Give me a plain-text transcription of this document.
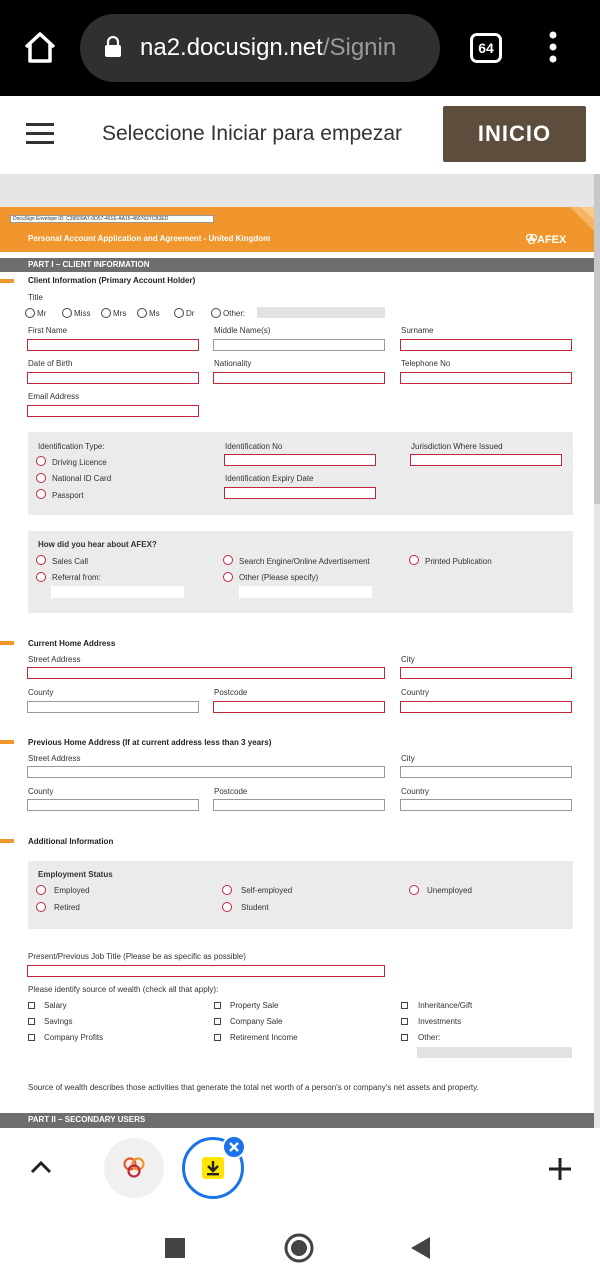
na2.docusign.net/Signin	64
Seleccione Iniciar para empezar	INICIO
DocuSign Envelope ID: C39509A7-0D57-491E-AA16-4807627CB3ED
Personal Account Application and Agreement - United Kingdom	AFEX
PART I – CLIENT INFORMATION
Client Information (Primary Account Holder)
Title
Mr	Miss	Mrs	Ms	Dr	Other:
First Name	Middle Name(s)	Surname
Date of Birth	Nationality	Telephone No
Email Address
Identification Type:
Driving Licence
National ID Card
Passport
Identification No	Jurisdiction Where Issued
Identification Expiry Date
How did you hear about AFEX?
Sales Call
Referral from:
Search Engine/Online Advertisement
Other (Please specify)
Printed Publication
Current Home Address
Street Address	City
County	Postcode	Country
Previous Home Address (If at current address less than 3 years)
Street Address	City
County	Postcode	Country
Additional Information
Employment Status
Employed
Retired
Self-employed
Student
Unemployed
Present/Previous Job Title (Please be as specific as possible)
Please identify source of wealth (check all that apply):
Salary
Savings
Company Profits
Property Sale
Company Sale
Retirement Income
Inheritance/Gift
Investments
Other:
Source of wealth describes those activities that generate the total net worth of a person's or company's net assets and property.
PART II – SECONDARY USERS
